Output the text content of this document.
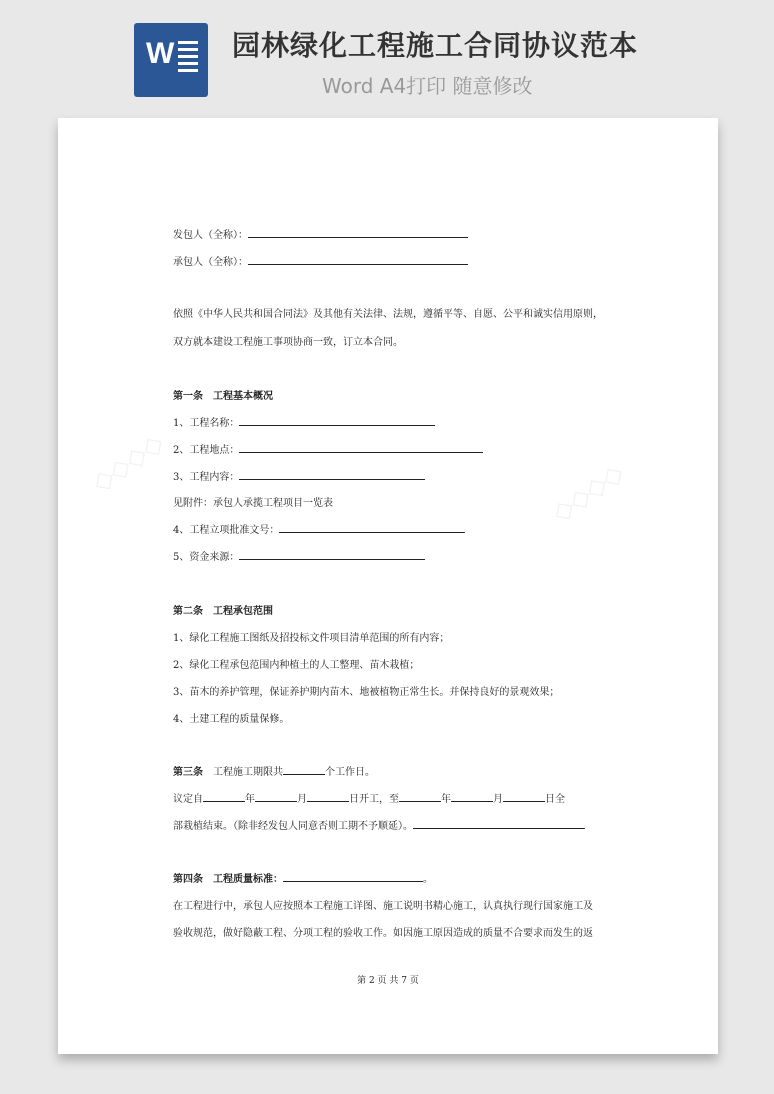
W 园林绿化工程施工合同协议范本
Word A4打印 随意修改
◇◇◇◇	◇◇◇◇
发包人（全称）：
承包人（全称）：
依照《中华人民共和国合同法》及其他有关法律、法规，遵循平等、自愿、公平和诚实信用原则，
双方就本建设工程施工事项协商一致，订立本合同。
第一条　工程基本概况
1、工程名称：
2、工程地点：
3、工程内容：
见附件：承包人承揽工程项目一览表
4、工程立项批准文号：
5、资金来源：
第二条　工程承包范围
1、绿化工程施工图纸及招投标文件项目清单范围的所有内容；
2、绿化工程承包范围内种植土的人工整理、苗木栽植；
3、苗木的养护管理，保证养护期内苗木、地被植物正常生长。并保持良好的景观效果；
4、土建工程的质量保修。
第三条　工程施工期限共	个工作日。
议定自	年	月	日开工，至	年	月	日全
部栽植结束。（除非经发包人同意否则工期不予顺延）。
第四条　工程质量标准：	。
在工程进行中，承包人应按照本工程施工详图、施工说明书精心施工，认真执行现行国家施工及
验收规范，做好隐蔽工程、分项工程的验收工作。如因施工原因造成的质量不合要求而发生的返
第 2 页 共 7 页
